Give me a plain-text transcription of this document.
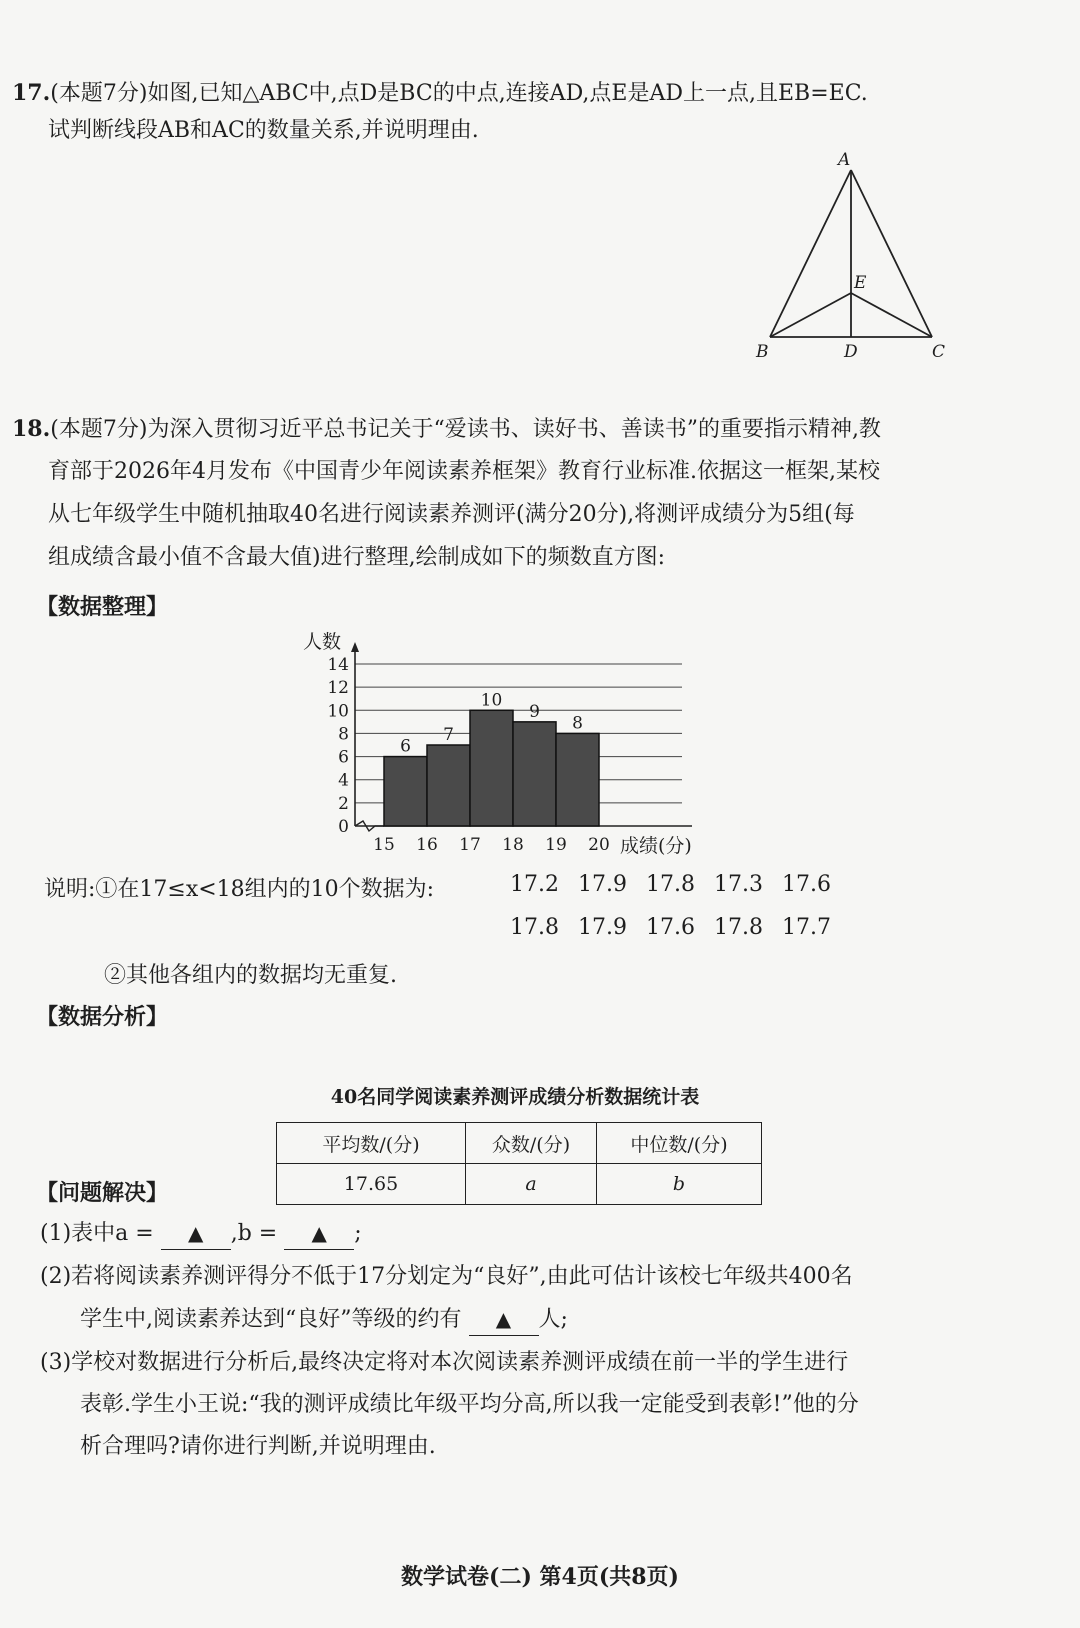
17.(本题7分)如图,已知△ABC中,点D是BC的中点,连接AD,点E是AD上一点,且EB=EC.
试判断线段AB和AC的数量关系,并说明理由.
A
E
B	D	C
18.(本题7分)为深入贯彻习近平总书记关于“爱读书、读好书、善读书”的重要指示精神,教
育部于2026年4月发布《中国青少年阅读素养框架》教育行业标准.依据这一框架,某校
从七年级学生中随机抽取40名进行阅读素养测评(满分20分),将测评成绩分为5组(每
组成绩含最小值不含最大值)进行整理,绘制成如下的频数直方图:
【数据整理】
0
2
4
6
8
10
12
14
人数
6
7
10
9
8
15 16 17 18 19 20 成绩(分)
说明:①在17≤x<18组内的10个数据为:	17.2 17.9 17.8 17.3 17.6
17.8 17.9 17.6 17.8 17.7
②其他各组内的数据均无重复.
【数据分析】
40名同学阅读素养测评成绩分析数据统计表
平均数/(分)	众数/(分)	中位数/(分)
17.65	a	b
【问题解决】
(1)表中a = ▲ ,b = ▲ ;
(2)若将阅读素养测评得分不低于17分划定为“良好”,由此可估计该校七年级共400名
学生中,阅读素养达到“良好”等级的约有 ▲ 人;
(3)学校对数据进行分析后,最终决定将对本次阅读素养测评成绩在前一半的学生进行
表彰.学生小王说:“我的测评成绩比年级平均分高,所以我一定能受到表彰!”他的分
析合理吗?请你进行判断,并说明理由.
数学试卷(二) 第4页(共8页)
